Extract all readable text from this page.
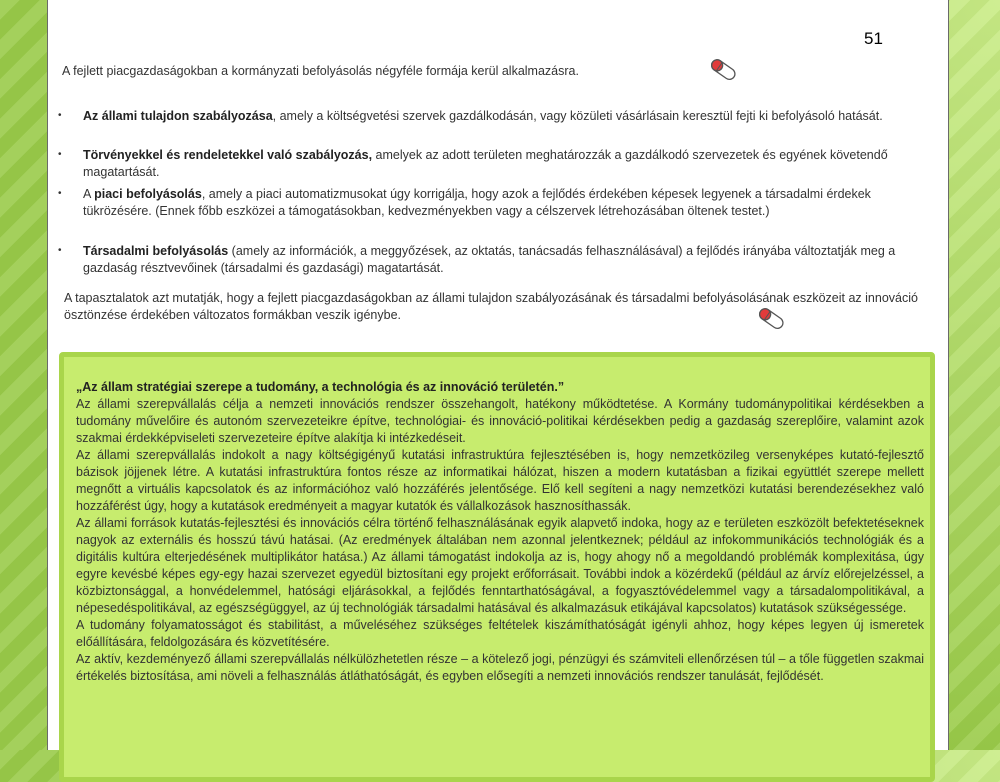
51
A fejlett piacgazdaságokban a kormányzati befolyásolás négyféle formája kerül alkalmazásra.
• Az állami tulajdon szabályozása, amely a költségvetési szervek gazdálkodásán, vagy közületi vásárlásain keresztül fejti ki befolyásoló hatását.
• Törvényekkel és rendeletekkel való szabályozás, amelyek az adott területen meghatározzák a gazdálkodó szervezetek és egyének követendő magatartását.
• A piaci befolyásolás, amely a piaci automatizmusokat úgy korrigálja, hogy azok a fejlődés érdekében képesek legyenek a társadalmi érdekek tükrözésére. (Ennek főbb eszközei a támogatásokban, kedvezményekben vagy a célszervek létrehozásában öltenek testet.)
• Társadalmi befolyásolás (amely az információk, a meggyőzések, az oktatás, tanácsadás felhasználásával) a fejlődés irányába változtatják meg a gazdaság résztvevőinek (társadalmi és gazdasági) magatartását.
A tapasztalatok azt mutatják, hogy a fejlett piacgazdaságokban az állami tulajdon szabályozásának és társadalmi befolyásolásának eszközeit az innováció ösztönzése érdekében változatos formákban veszik igénybe.

„Az állam stratégiai szerepe a tudomány, a technológia és az innováció területén.”

Az állami szerepvállalás célja a nemzeti innovációs rendszer összehangolt, hatékony működtetése. A Kormány tudománypolitikai kérdésekben a tudomány művelőire és autonóm szervezeteikre építve, technológiai- és innováció-politikai kérdésekben pedig a gazdaság szereplőire, valamint azok szakmai érdekképviseleti szervezeteire építve alakítja ki intézkedéseit.

Az állami szerepvállalás indokolt a nagy költségigényű kutatási infrastruktúra fejlesztésében is, hogy nemzetközileg versenyképes kutató-fejlesztő bázisok jöjjenek létre. A kutatási infrastruktúra fontos része az informatikai hálózat, hiszen a modern kutatásban a fizikai együttlét szerepe mellett megnőtt a virtuális kapcsolatok és az információhoz való hozzáférés jelentősége. Elő kell segíteni a nagy nemzetközi kutatási berendezésekhez való hozzáférést úgy, hogy a kutatások eredményeit a magyar kutatók és vállalkozások hasznosíthassák.

Az állami források kutatás-fejlesztési és innovációs célra történő felhasználásának egyik alapvető indoka, hogy az e területen eszközölt befektetéseknek nagyok az externális és hosszú távú hatásai. (Az eredmények általában nem azonnal jelentkeznek; például az infokommunikációs technológiák és a digitális kultúra elterjedésének multiplikátor hatása.) Az állami támogatást indokolja az is, hogy ahogy nő a megoldandó problémák komplexitása, úgy egyre kevésbé képes egy-egy hazai szervezet egyedül biztosítani egy projekt erőforrásait. További indok a közérdekű (például az árvíz előrejelzéssel, a közbiztonsággal, a honvédelemmel, hatósági eljárásokkal, a fejlődés fenntarthatóságával, a fogyasztóvédelemmel vagy a társadalompolitikával, a népesedéspolitikával, az egészségüggyel, az új technológiák társadalmi hatásával és alkalmazásuk etikájával kapcsolatos) kutatások szükségessége.

A tudomány folyamatosságot és stabilitást, a műveléséhez szükséges feltételek kiszámíthatóságát igényli ahhoz, hogy képes legyen új ismeretek előállítására, feldolgozására és közvetítésére.

Az aktív, kezdeményező állami szerepvállalás nélkülözhetetlen része – a kötelező jogi, pénzügyi és számviteli ellenőrzésen túl – a tőle független szakmai értékelés biztosítása, ami növeli a felhasználás átláthatóságát, és egyben elősegíti a nemzeti innovációs rendszer tanulását, fejlődését.
